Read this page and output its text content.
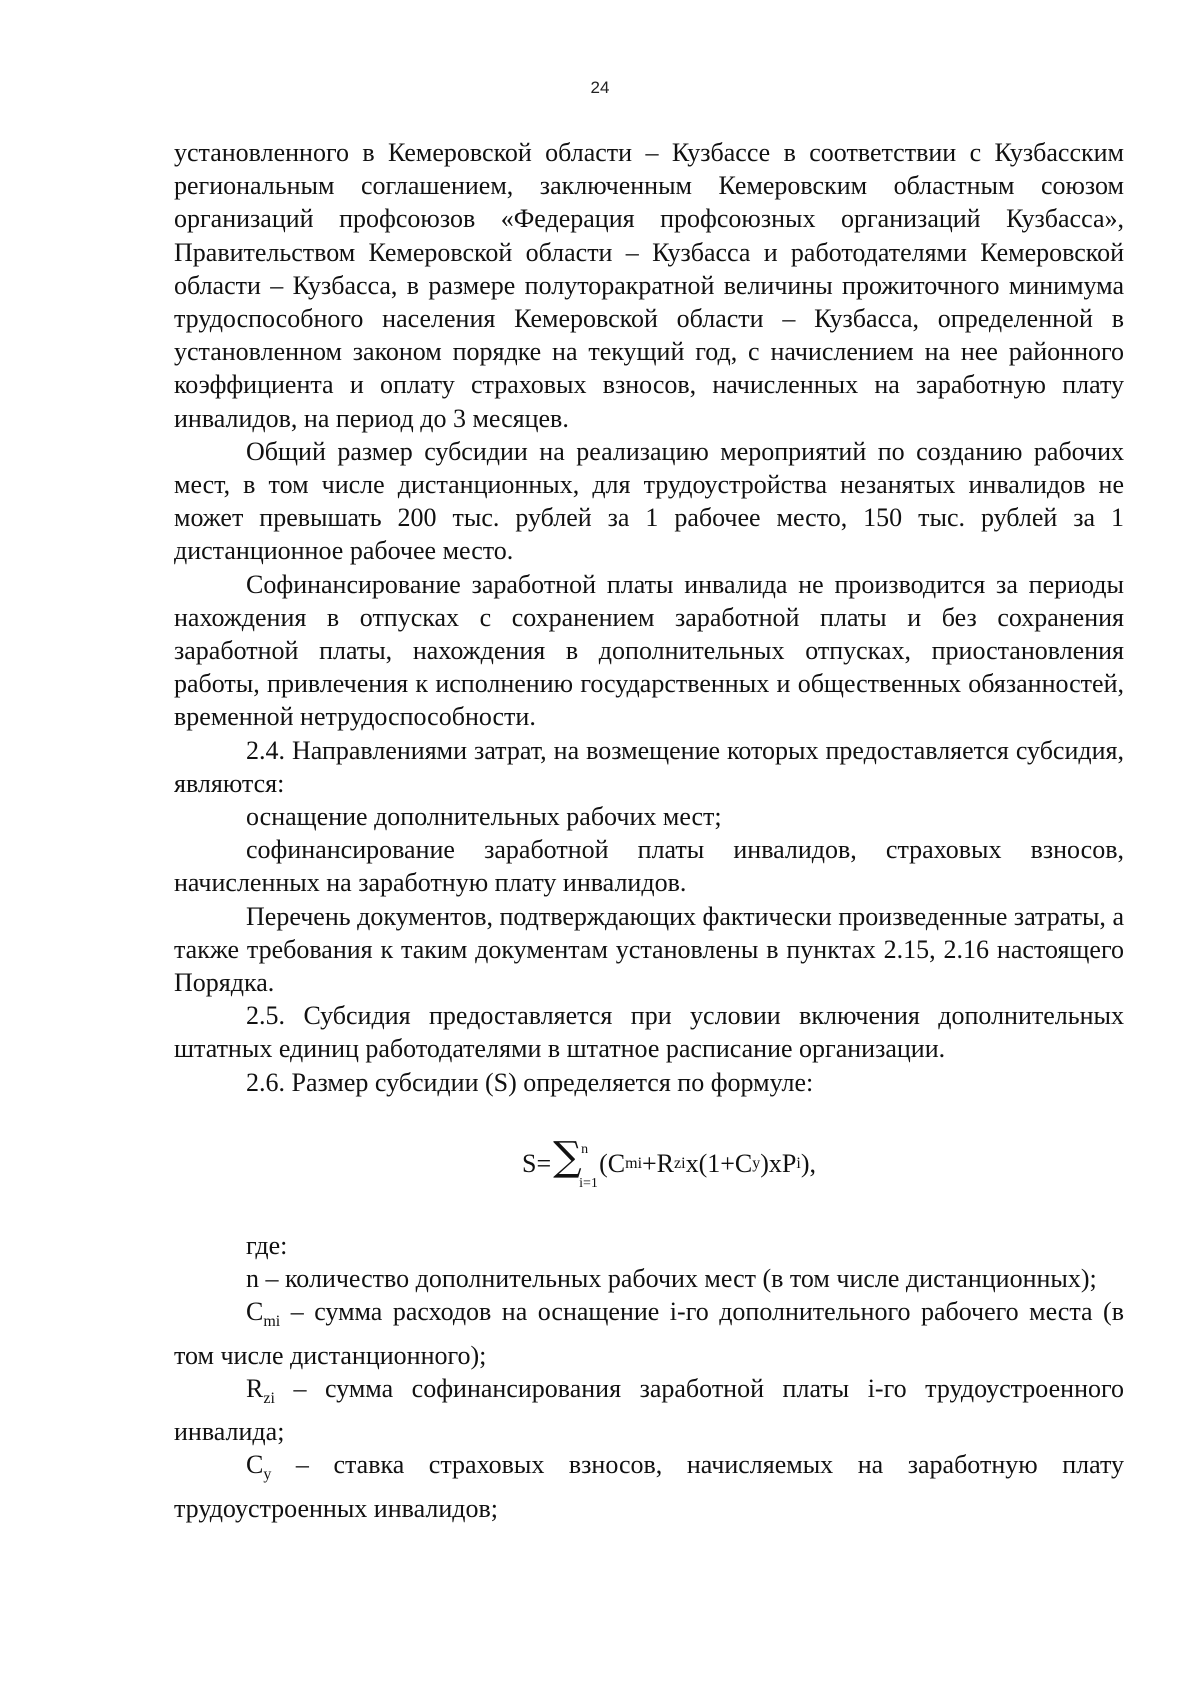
24

установленного в Кемеровской области – Кузбассе в соответствии с Кузбасским региональным соглашением, заключенным Кемеровским областным союзом организаций профсоюзов «Федерация профсоюзных организаций Кузбасса», Правительством Кемеровской области – Кузбасса и работодателями Кемеровской области – Кузбасса, в размере полуторакратной величины прожиточного минимума трудоспособного населения Кемеровской области – Кузбасса, определенной в установленном законом порядке на текущий год, с начислением на нее районного коэффициента и оплату страховых взносов, начисленных на заработную плату инвалидов, на период до 3 месяцев.

Общий размер субсидии на реализацию мероприятий по созданию рабочих мест, в том числе дистанционных, для трудоустройства незанятых инвалидов не может превышать 200 тыс. рублей за 1 рабочее место, 150 тыс. рублей за 1 дистанционное рабочее место.

Софинансирование заработной платы инвалида не производится за периоды нахождения в отпусках с сохранением заработной платы и без сохранения заработной платы, нахождения в дополнительных отпусках, приостановления работы, привлечения к исполнению государственных и общественных обязанностей, временной нетрудоспособности.

2.4. Направлениями затрат, на возмещение которых предоставляется субсидия, являются:

оснащение дополнительных рабочих мест;

софинансирование заработной платы инвалидов, страховых взносов, начисленных на заработную плату инвалидов.

Перечень документов, подтверждающих фактически произведенные затраты, а также требования к таким документам установлены в пунктах 2.15, 2.16 настоящего Порядка.

2.5. Субсидия предоставляется при условии включения дополнительных штатных единиц работодателями в штатное расписание организации.

2.6. Размер субсидии (S) определяется по формуле:

S= ∑ n
i=1
(C mi +R zi x(1+C y )xP i ),

где:

n – количество дополнительных рабочих мест (в том числе дистанционных);

$C_{mi}$ – сумма расходов на оснащение i-го дополнительного рабочего места (в том числе дистанционного);

$R_{zi}$ – сумма софинансирования заработной платы i-го трудоустроенного инвалида;

$C_y$ – ставка страховых взносов, начисляемых на заработную плату трудоустроенных инвалидов;
